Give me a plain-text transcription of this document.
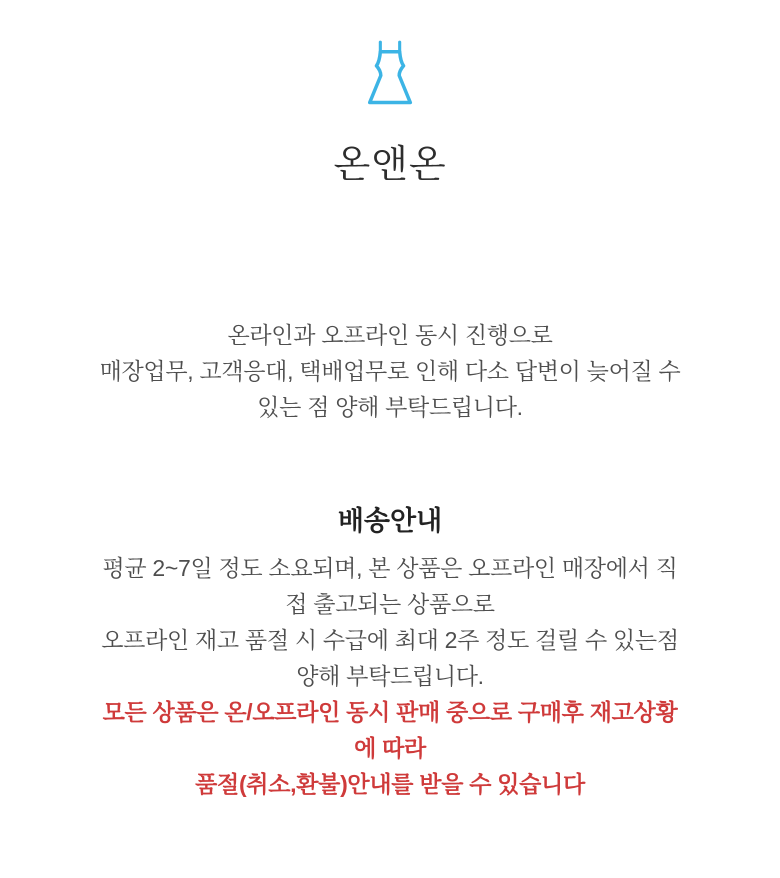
온앤온
온라인과 오프라인 동시 진행으로
매장업무, 고객응대, 택배업무로 인해 다소 답변이 늦어질 수
있는 점 양해 부탁드립니다.
배송안내
평균 2~7일 정도 소요되며, 본 상품은 오프라인 매장에서 직
접 출고되는 상품으로
오프라인 재고 품절 시 수급에 최대 2주 정도 걸릴 수 있는점
양해 부탁드립니다.
모든 상품은 온/오프라인 동시 판매 중으로 구매후 재고상황
에 따라
품절(취소,환불)안내를 받을 수 있습니다
